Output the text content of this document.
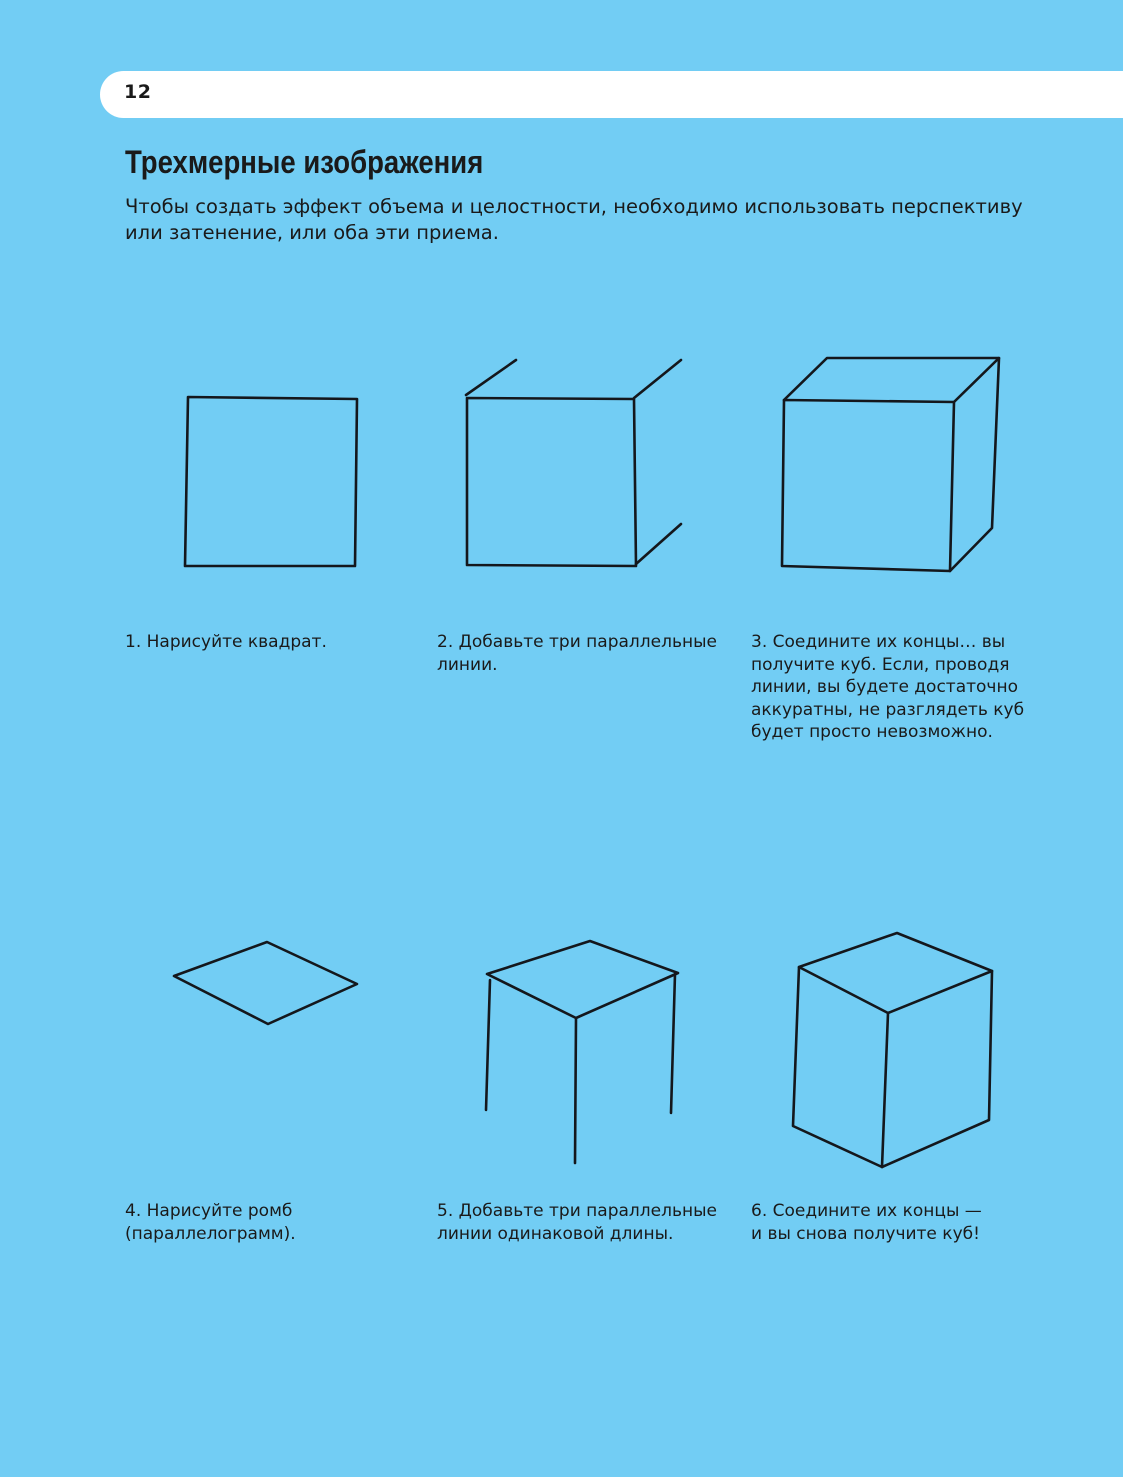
12
Трехмерные изображения

Чтобы создать эффект объема и целостности, необходимо использовать перспективу или затенение, или оба эти приема.

1. Нарисуйте квадрат.	2. Добавьте три параллельные
линии.

3. Соедините их концы… вы
получите куб. Если, проводя
линии, вы будете достаточно
аккуратны, не разглядеть куб
будет просто невозможно.

4. Нарисуйте ромб
(параллелограмм).

5. Добавьте три параллельные
линии одинаковой длины.

6. Соедините их концы —
и вы снова получите куб!
